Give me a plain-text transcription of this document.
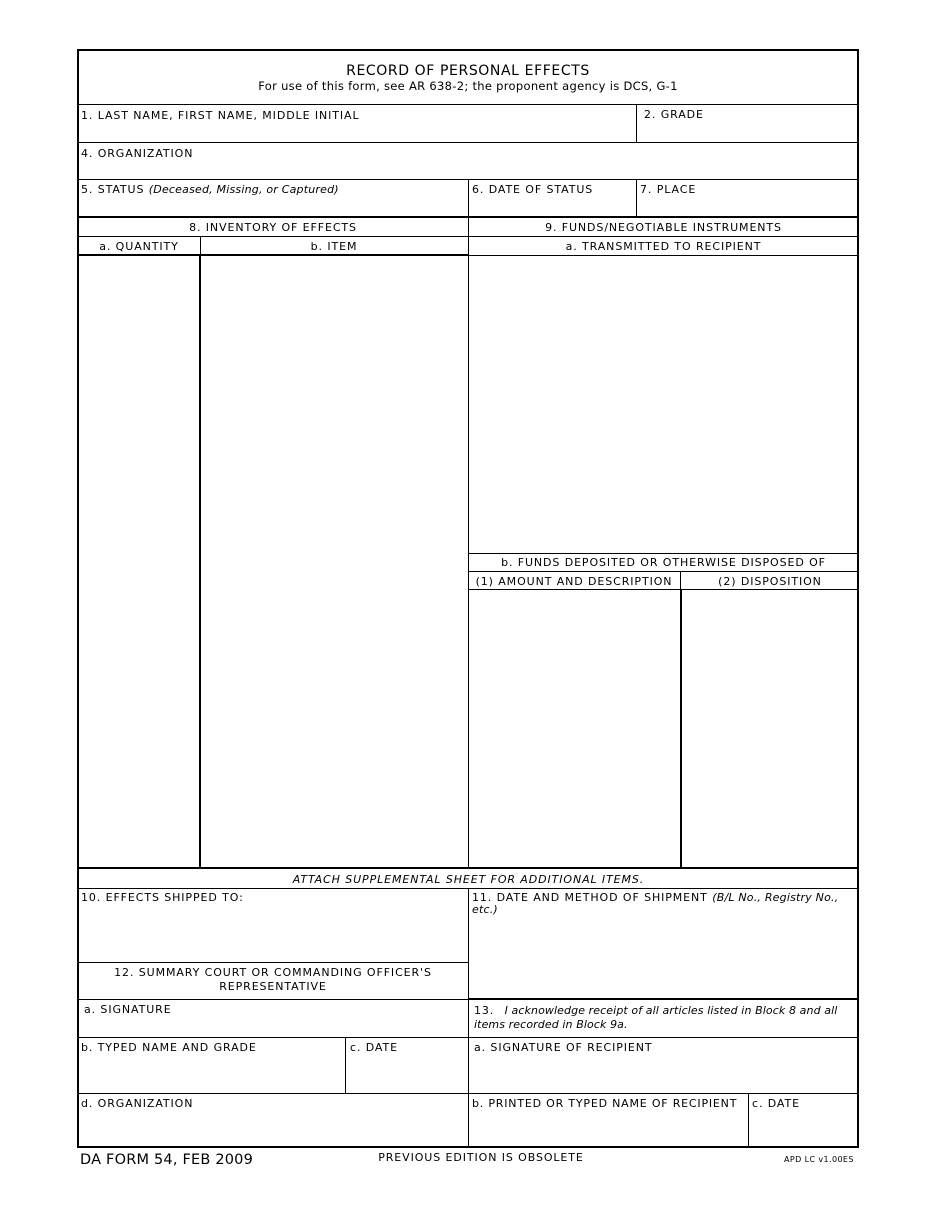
RECORD OF PERSONAL EFFECTS
For use of this form, see AR 638-2; the proponent agency is DCS, G-1
1. LAST NAME, FIRST NAME, MIDDLE INITIAL	2. GRADE
4. ORGANIZATION
5. STATUS (Deceased, Missing, or Captured)	6. DATE OF STATUS	7. PLACE
8. INVENTORY OF EFFECTS	9. FUNDS/NEGOTIABLE INSTRUMENTS
a. QUANTITY	b. ITEM	a. TRANSMITTED TO RECIPIENT
b. FUNDS DEPOSITED OR OTHERWISE DISPOSED OF
(1) AMOUNT AND DESCRIPTION	(2) DISPOSITION
ATTACH SUPPLEMENTAL SHEET FOR ADDITIONAL ITEMS.
10. EFFECTS SHIPPED TO:	11. DATE AND METHOD OF SHIPMENT (B/L No., Registry No.,
etc.)
12. SUMMARY COURT OR COMMANDING OFFICER'S
REPRESENTATIVE
a. SIGNATURE	13. I acknowledge receipt of all articles listed in Block 8 and all
items recorded in Block 9a.
b. TYPED NAME AND GRADE	c. DATE	a. SIGNATURE OF RECIPIENT
d. ORGANIZATION	b. PRINTED OR TYPED NAME OF RECIPIENT c. DATE
DA FORM 54, FEB 2009	PREVIOUS EDITION IS OBSOLETE	APD LC v1.00ES
